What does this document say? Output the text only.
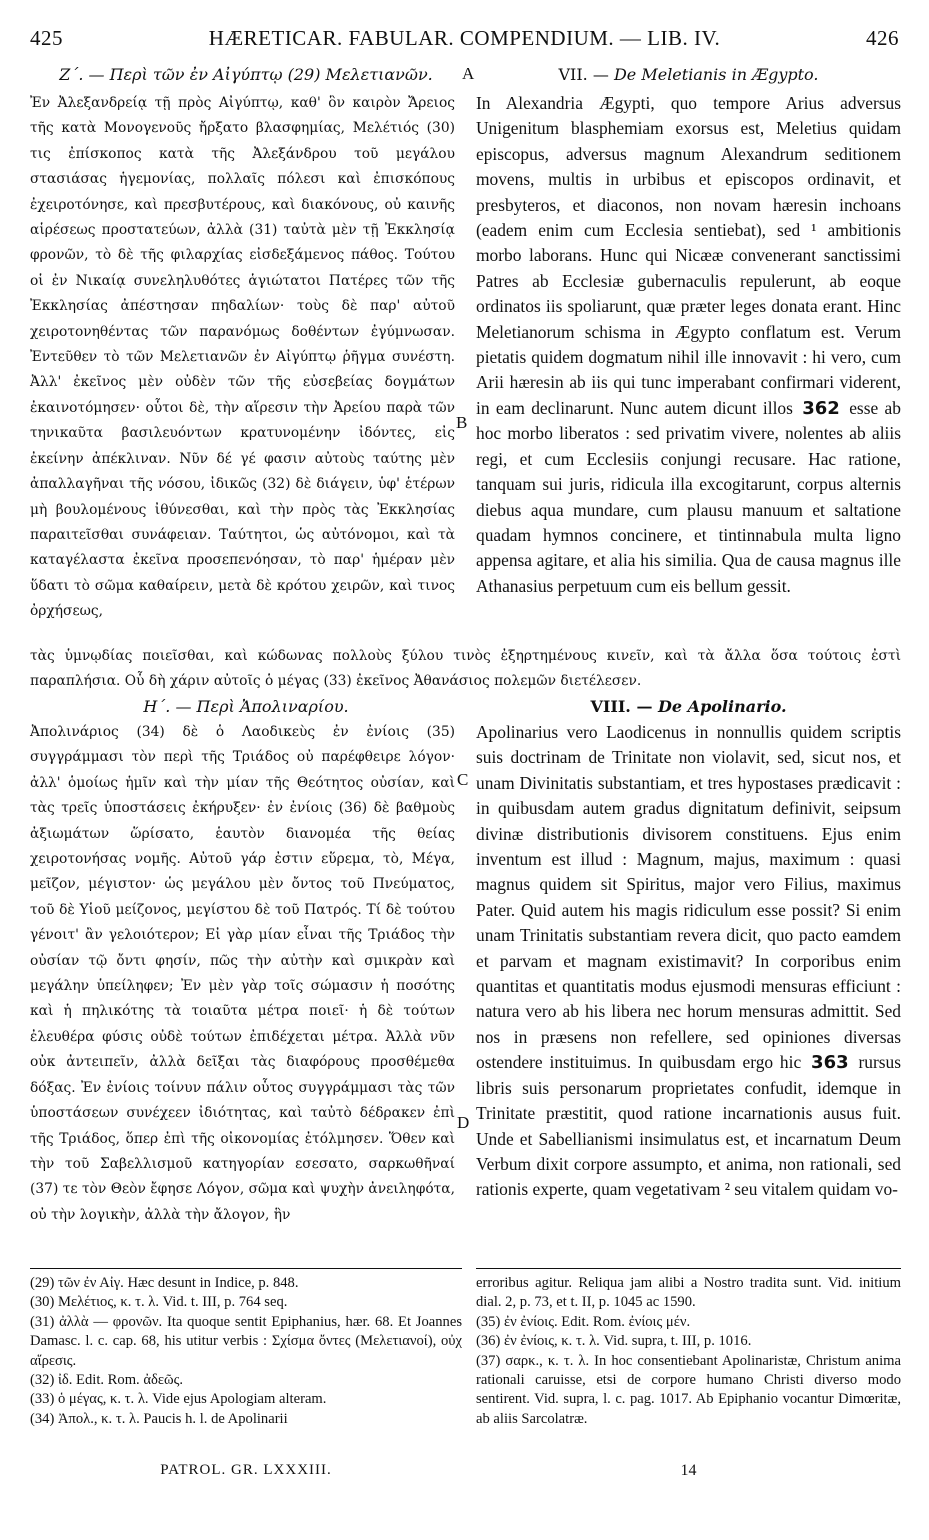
425	HÆRETICAR. FABULAR. COMPENDIUM. — LIB. IV.	426

Ζ΄. — Περὶ τῶν ἐν Αἰγύπτῳ (29) Μελετιανῶν.	VII. — De Meletianis in Ægypto.

A
B
C
D

Ἐν Ἀλεξανδρείᾳ τῇ πρὸς Αἰγύπτῳ, καθ' ὃν καιρὸν Ἄρειος τῆς κατὰ Μονογενοῦς ἤρξατο βλασφημίας, Μελέτιός (30) τις ἐπίσκοπος κατὰ τῆς Ἀλεξάνδρου τοῦ μεγάλου στασιάσας ἡγεμονίας, πολλαῖς πόλεσι καὶ ἐπισκόπους ἐχειροτόνησε, καὶ πρεσβυτέρους, καὶ διακόνους, οὐ καινῆς αἱρέσεως προστατεύων, ἀλλὰ (31) ταὐτὰ μὲν τῇ Ἐκκλησίᾳ φρονῶν, τὸ δὲ τῆς φιλαρχίας εἰσδεξάμενος πάθος. Τούτου οἱ ἐν Νικαίᾳ συνεληλυθότες ἁγιώτατοι Πατέρες τῶν τῆς Ἐκκλησίας ἀπέστησαν πηδαλίων· τοὺς δὲ παρ' αὐτοῦ χειροτονηθέντας τῶν παρανόμως δοθέντων ἐγύμνωσαν. Ἐντεῦθεν τὸ τῶν Μελετιανῶν ἐν Αἰγύπτῳ ῥῆγμα συνέστη. Ἀλλ' ἐκεῖνος μὲν οὐδὲν τῶν τῆς εὐσεβείας δογμάτων ἐκαινοτόμησεν· οὗτοι δὲ, τὴν αἵρεσιν τὴν Ἀρείου παρὰ τῶν τηνικαῦτα βασιλευόντων κρατυνομένην ἰδόντες, εἰς ἐκείνην ἀπέκλιναν. Νῦν δέ γέ φασιν αὐτοὺς ταύτης μὲν ἀπαλλαγῆναι τῆς νόσου, ἰδικῶς (32) δὲ διάγειν, ὑφ' ἑτέρων μὴ βουλομένους ἰθύνεσθαι, καὶ τὴν πρὸς τὰς Ἐκκλησίας παραιτεῖσθαι συνάφειαν. Ταύτητοι, ὡς αὐτόνομοι, καὶ τὰ καταγέλαστα ἐκεῖνα προσεπενόησαν, τὸ παρ' ἡμέραν μὲν ὕδατι τὸ σῶμα καθαίρειν, μετὰ δὲ κρότου χειρῶν, καὶ τινος ὀρχήσεως,

In Alexandria Ægypti, quo tempore Arius adversus Unigenitum blasphemiam exorsus est, Meletius quidam episcopus, adversus magnum Alexandrum seditionem movens, multis in urbibus et episcopos ordinavit, et presbyteros, et diaconos, non novam hæresin inchoans (eadem enim cum Ecclesia sentiebat), sed ¹ ambitionis morbo laborans. Hunc qui Nicææ convenerant sanctissimi Patres ab Ecclesiæ gubernaculis repulerunt, ab eoque ordinatos iis spoliarunt, quæ præter leges donata erant. Hinc Meletianorum schisma in Ægypto conflatum est. Verum pietatis quidem dogmatum nihil ille innovavit : hi vero, cum Arii hæresin ab iis qui tunc imperabant confirmari viderent, in eam declinarunt. Nunc autem dicunt illos 362 esse ab hoc morbo liberatos : sed privatim vivere, nolentes ab aliis regi, et cum Ecclesiis conjungi recusare. Hac ratione, tanquam sui juris, ridicula illa excogitarunt, corpus alternis diebus aqua mundare, cum plausu manuum et saltatione quadam hymnos concinere, et tintinnabula multa ligno appensa agitare, et alia his similia. Qua de causa magnus ille Athanasius perpetuum cum eis bellum gessit.

τὰς ὑμνῳδίας ποιεῖσθαι, καὶ κώδωνας πολλοὺς ξύλου τινὸς ἐξηρτημένους κινεῖν, καὶ τὰ ἄλλα ὅσα τούτοις ἐστὶ παραπλήσια. Οὗ δὴ χάριν αὐτοῖς ὁ μέγας (33) ἐκεῖνος Ἀθανάσιος πολεμῶν διετέλεσεν.

Η΄. — Περὶ Ἀπολιναρίου.	VIII. — De Apolinario.

Ἀπολινάριος (34) δὲ ὁ Λαοδικεὺς ἐν ἐνίοις (35) συγγράμμασι τὸν περὶ τῆς Τριάδος οὐ παρέφθειρε λόγον· ἀλλ' ὁμοίως ἡμῖν καὶ τὴν μίαν τῆς Θεότητος οὐσίαν, καὶ τὰς τρεῖς ὑποστάσεις ἐκήρυξεν· ἐν ἐνίοις (36) δὲ βαθμοὺς ἀξιωμάτων ὥρίσατο, ἑαυτὸν διανομέα τῆς θείας χειροτονήσας νομῆς. Αὐτοῦ γάρ ἐστιν εὕρεμα, τὸ, Μέγα, μεῖζον, μέγιστον· ὡς μεγάλου μὲν ὄντος τοῦ Πνεύματος, τοῦ δὲ Υἱοῦ μείζονος, μεγίστου δὲ τοῦ Πατρός. Τί δὲ τούτου γένοιτ' ἂν γελοιότερον; Εἰ γὰρ μίαν εἶναι τῆς Τριάδος τὴν οὐσίαν τῷ ὄντι φησίν, πῶς τὴν αὐτὴν καὶ σμικρὰν καὶ μεγάλην ὑπείληφεν; Ἐν μὲν γὰρ τοῖς σώμασιν ἡ ποσότης καὶ ἡ πηλικότης τὰ τοιαῦτα μέτρα ποιεῖ· ἡ δὲ τούτων ἐλευθέρα φύσις οὐδὲ τούτων ἐπιδέχεται μέτρα. Ἀλλὰ νῦν οὐκ ἀντειπεῖν, ἀλλὰ δεῖξαι τὰς διαφόρους προσθέμεθα δόξας. Ἐν ἐνίοις τοίνυν πάλιν οὗτος συγγράμμασι τὰς τῶν ὑποστάσεων συνέχεεν ἰδιότητας, καὶ ταὐτὸ δέδρακεν ἐπὶ τῆς Τριάδος, ὅπερ ἐπὶ τῆς οἰκονομίας ἐτόλμησεν. Ὅθεν καὶ τὴν τοῦ Σαβελλισμοῦ κατηγορίαν εσεσατο, σαρκωθῆναί (37) τε τὸν Θεὸν ἔφησε Λόγον, σῶμα καὶ ψυχὴν ἀνειληφότα, οὐ τὴν λογικὴν, ἀλλὰ τὴν ἄλογον, ἣν

Apolinarius vero Laodicenus in nonnullis quidem scriptis suis doctrinam de Trinitate non violavit, sed, sicut nos, et unam Divinitatis substantiam, et tres hypostases prædicavit : in quibusdam autem gradus dignitatum definivit, seipsum divinæ distributionis divisorem constituens. Ejus enim inventum est illud : Magnum, majus, maximum : quasi magnus quidem sit Spiritus, major vero Filius, maximus Pater. Quid autem his magis ridiculum esse possit? Si enim unam Trinitatis substantiam revera dicit, quo pacto eamdem et parvam et magnam existimavit? In corporibus enim quantitas et quantitatis modus ejusmodi mensuras efficiunt : natura vero ab his libera nec horum mensuras admittit. Sed nos in præsens non refellere, sed opiniones diversas ostendere instituimus. In quibusdam ergo hic 363 rursus libris suis personarum proprietates confudit, idemque in Trinitate præstitit, quod ratione incarnationis ausus fuit. Unde et Sabellianismi insimulatus est, et incarnatum Deum Verbum dixit corpore assumpto, et anima, non rationali, sed rationis experte, quam vegetativam ² seu vitalem quidam vo-

(29) τῶν ἐν Αἰγ. Hæc desunt in Indice, p. 848.

(30) Μελέτιος, κ. τ. λ. Vid. t. III, p. 764 seq.

(31) ἀλλὰ — φρονῶν. Ita quoque sentit Epiphanius, hær. 68. Et Joannes Damasc. l. c. cap. 68, his utitur verbis : Σχίσμα ὄντες (Μελετιανοί), οὐχ αἵρεσις.

(32) ἰδ. Edit. Rom. ἀδεῶς.

(33) ὁ μέγας, κ. τ. λ. Vide ejus Apologiam alteram.

(34) Ἀπολ., κ. τ. λ. Paucis h. l. de Apolinarii

erroribus agitur. Reliqua jam alibi a Nostro tradita sunt. Vid. initium dial. 2, p. 73, et t. II, p. 1045 ac 1590.

(35) ἐν ἐνίοις. Edit. Rom. ἐνίοις μέν.

(36) ἐν ἐνίοις, κ. τ. λ. Vid. supra, t. III, p. 1016.

(37) σαρκ., κ. τ. λ. In hoc consentiebant Apolinaristæ, Christum anima rationali caruisse, etsi de corpore humano Christi diverso modo sentirent. Vid. supra, l. c. pag. 1017. Ab Epiphanio vocantur Dimœritæ, ab aliis Sarcolatræ.

PATROL. GR. LXXXIII.	14
